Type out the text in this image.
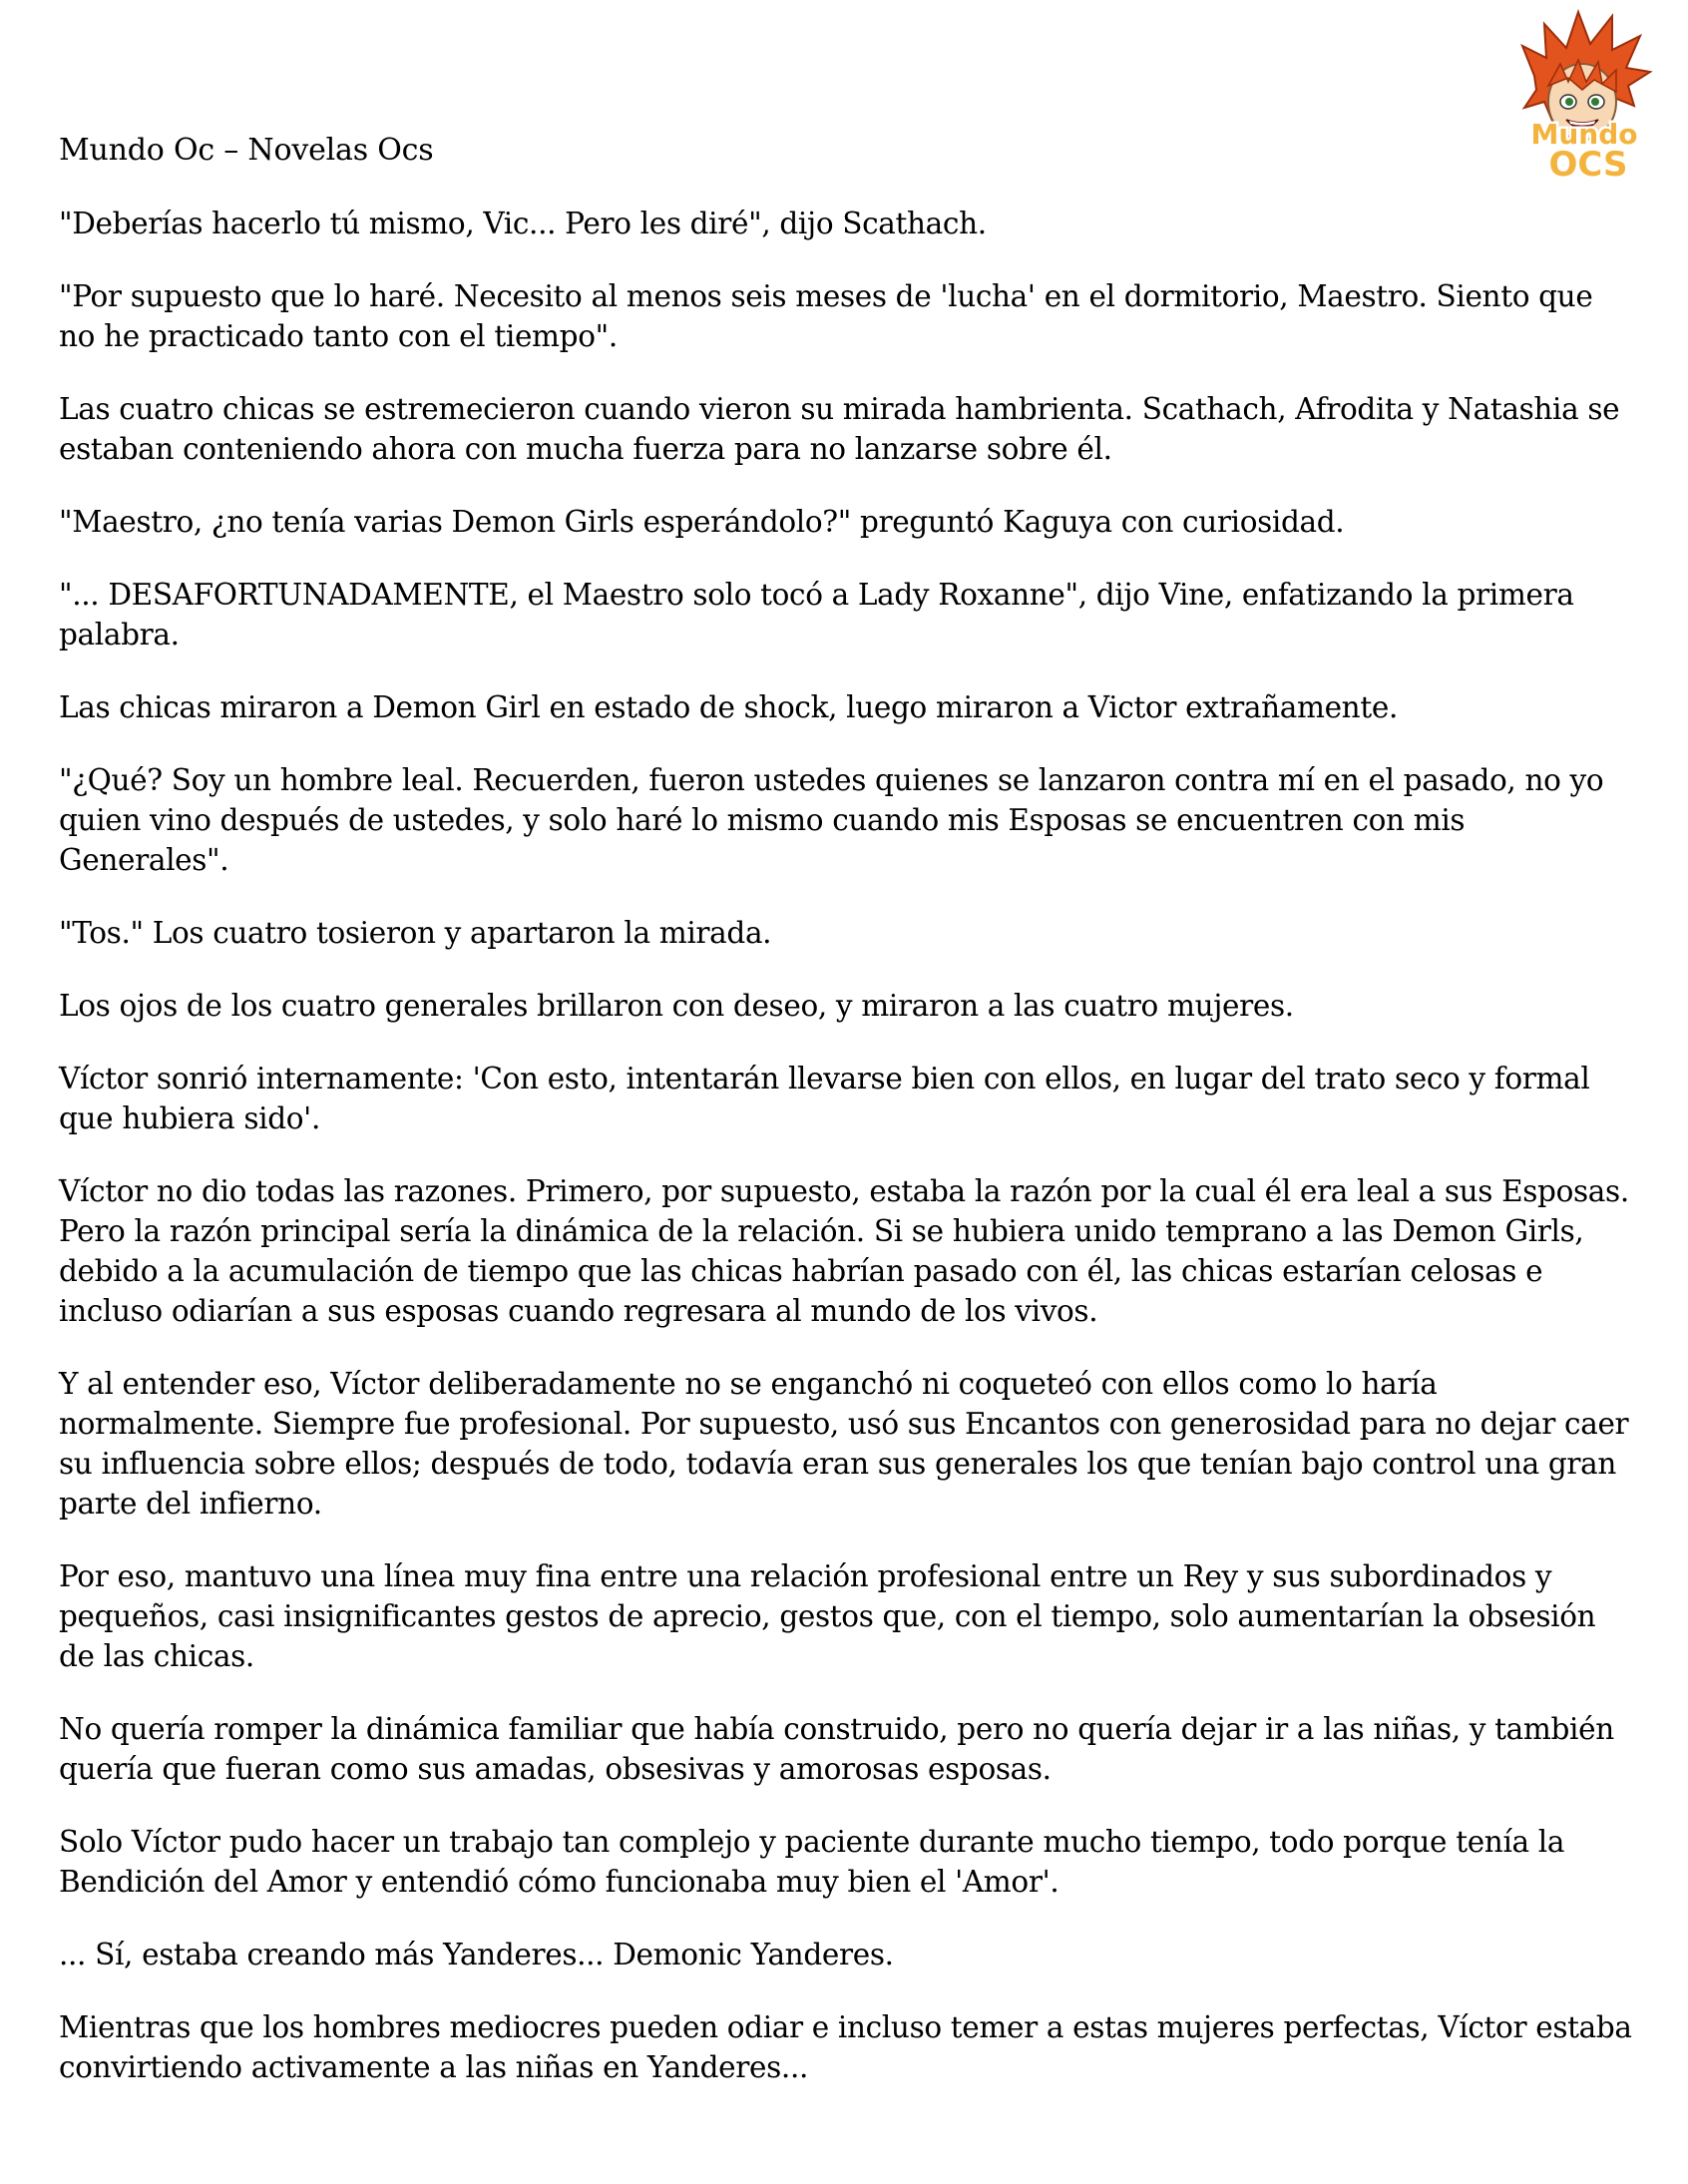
Mundo
OCS
Mundo Oc – Novelas Ocs

"Deberías hacerlo tú mismo, Vic... Pero les diré", dijo Scathach.

"Por supuesto que lo haré. Necesito al menos seis meses de 'lucha' en el dormitorio, Maestro. Siento que no he practicado tanto con el tiempo".

Las cuatro chicas se estremecieron cuando vieron su mirada hambrienta. Scathach, Afrodita y Natashia se estaban conteniendo ahora con mucha fuerza para no lanzarse sobre él.

"Maestro, ¿no tenía varias Demon Girls esperándolo?" preguntó Kaguya con curiosidad.

"... DESAFORTUNADAMENTE, el Maestro solo tocó a Lady Roxanne", dijo Vine, enfatizando la primera palabra.

Las chicas miraron a Demon Girl en estado de shock, luego miraron a Victor extrañamente.

"¿Qué? Soy un hombre leal. Recuerden, fueron ustedes quienes se lanzaron contra mí en el pasado, no yo quien vino después de ustedes, y solo haré lo mismo cuando mis Esposas se encuentren con mis Generales".

"Tos." Los cuatro tosieron y apartaron la mirada.

Los ojos de los cuatro generales brillaron con deseo, y miraron a las cuatro mujeres.

Víctor sonrió internamente: 'Con esto, intentarán llevarse bien con ellos, en lugar del trato seco y formal que hubiera sido'.

Víctor no dio todas las razones. Primero, por supuesto, estaba la razón por la cual él era leal a sus Esposas. Pero la razón principal sería la dinámica de la relación. Si se hubiera unido temprano a las Demon Girls, debido a la acumulación de tiempo que las chicas habrían pasado con él, las chicas estarían celosas e incluso odiarían a sus esposas cuando regresara al mundo de los vivos.

Y al entender eso, Víctor deliberadamente no se enganchó ni coqueteó con ellos como lo haría normalmente. Siempre fue profesional. Por supuesto, usó sus Encantos con generosidad para no dejar caer su influencia sobre ellos; después de todo, todavía eran sus generales los que tenían bajo control una gran parte del infierno.

Por eso, mantuvo una línea muy fina entre una relación profesional entre un Rey y sus subordinados y pequeños, casi insignificantes gestos de aprecio, gestos que, con el tiempo, solo aumentarían la obsesión de las chicas.

No quería romper la dinámica familiar que había construido, pero no quería dejar ir a las niñas, y también quería que fueran como sus amadas, obsesivas y amorosas esposas.

Solo Víctor pudo hacer un trabajo tan complejo y paciente durante mucho tiempo, todo porque tenía la Bendición del Amor y entendió cómo funcionaba muy bien el 'Amor'.

... Sí, estaba creando más Yanderes... Demonic Yanderes.

Mientras que los hombres mediocres pueden odiar e incluso temer a estas mujeres perfectas, Víctor estaba convirtiendo activamente a las niñas en Yanderes...
